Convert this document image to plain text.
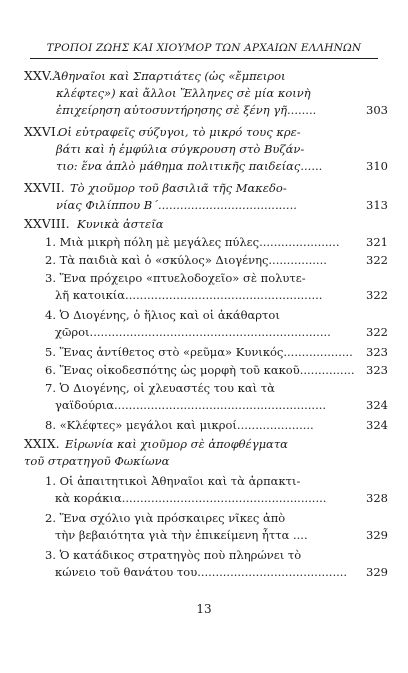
ΤΡΟΠΟΙ ΖΩΗΣ ΚΑΙ ΧΙΟΥΜΟΡ ΤΩΝ ΑΡΧΑΙΩΝ ΕΛΛΗΝΩΝ
XXV.Ἀθηναῖοι καὶ Σπαρτιάτες (ὡς «ἔμπειροι
κλέφτες») καὶ ἄλλοι Ἕλληνες σὲ μία κοινὴ
ἐπιχείρηση αὐτοσυντήρησης σὲ ξένη γῆ........	303
XXVI.Οἱ εὐτραφεῖς σύζυγοι, τὸ μικρό τους κρε-
βάτι καὶ ἡ ἐμφύλια σύγκρουση στὸ Βυζάν-
τιο: ἕνα ἁπλὸ μάθημα πολιτικῆς παιδείας......	310
XXVII. Τὸ χιοῦμορ τοῦ βασιλιᾶ τῆς Μακεδο-
νίας Φιλίππου Β΄......................................	313
XXVIII. Κυνικὰ ἀστεῖα
1. Μιὰ μικρὴ πόλη μὲ μεγάλες πύλες......................	321
2. Τὰ παιδιὰ καὶ ὁ «σκύλος» Διογένης................	322
3. Ἕνα πρόχειρο «πτυελοδοχεῖο» σὲ πολυτε-
λῆ κατοικία......................................................	322
4. Ὁ Διογένης, ὁ ἥλιος καὶ οἱ ἀκάθαρτοι
χῶροι..................................................................	322
5. Ἕνας ἀντίθετος στὸ «ρεῦμα» Κυνικός...................	323
6. Ἕνας οἰκοδεσπότης ὡς μορφὴ τοῦ κακοῦ...............	323
7. Ὁ Διογένης, οἱ χλευαστές του καὶ τὰ
γαϊδούρια..........................................................	324
8. «Κλέφτες» μεγάλοι καὶ μικροί.....................	324
XXIX. Εἰρωνία καὶ χιοῦμορ σὲ ἀποφθέγματα
τοῦ στρατηγοῦ Φωκίωνα
1. Οἱ ἀπαιτητικοὶ Ἀθηναῖοι καὶ τὰ ἁρπακτι-
κὰ κοράκια........................................................	328
2. Ἕνα σχόλιο γιὰ πρόσκαιρες νῖκες ἀπὸ
τὴν βεβαιότητα γιὰ τὴν ἐπικείμενη ἧττα ....	329
3. Ὁ κατάδικος στρατηγὸς ποὺ πληρώνει τὸ
κώνειο τοῦ θανάτου του.........................................	329
13
